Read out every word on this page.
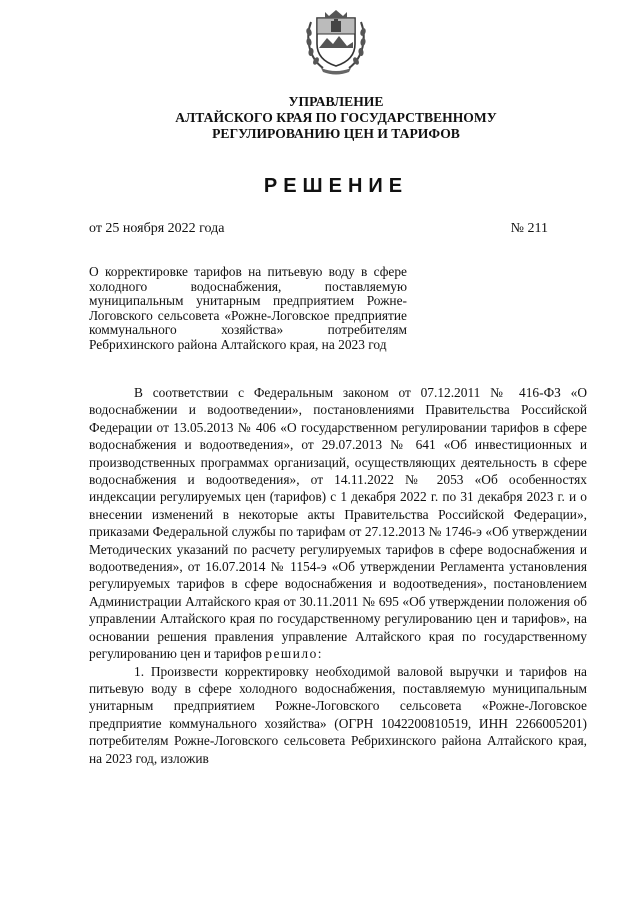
УПРАВЛЕНИЕ
АЛТАЙСКОГО КРАЯ ПО ГОСУДАРСТВЕННОМУ
РЕГУЛИРОВАНИЮ ЦЕН И ТАРИФОВ
РЕШЕНИЕ
от 25 ноября 2022 года	№ 211
О корректировке тарифов на питьевую воду в сфере холодного водоснабжения, поставляемую муниципальным унитарным предприятием Рожне-Логовского сельсовета «Рожне-Логовское предприятие коммунального хозяйства» потребителям Ребрихинского района Алтайского края, на 2023 год

В соответствии с Федеральным законом от 07.12.2011 № 416-ФЗ «О водоснабжении и водоотведении», постановлениями Правительства Российской Федерации от 13.05.2013 № 406 «О государственном регулировании тарифов в сфере водоснабжения и водоотведения», от 29.07.2013 № 641 «Об инвестиционных и производственных программах организаций, осуществляющих деятельность в сфере водоснабжения и водоотведения», от 14.11.2022 № 2053 «Об особенностях индексации регулируемых цен (тарифов) с 1 декабря 2022 г. по 31 декабря 2023 г. и о внесении изменений в некоторые акты Правительства Российской Федерации», приказами Федеральной службы по тарифам от 27.12.2013 № 1746-э «Об утверждении Методических указаний по расчету регулируемых тарифов в сфере водоснабжения и водоотведения», от 16.07.2014 № 1154-э «Об утверждении Регламента установления регулируемых тарифов в сфере водоснабжения и водоотведения», постановлением Администрации Алтайского края от 30.11.2011 № 695 «Об утверждении положения об управлении Алтайского края по государственному регулированию цен и тарифов», на основании решения правления управление Алтайского края по государственному регулированию цен и тарифов решило:

1. Произвести корректировку необходимой валовой выручки и тарифов на питьевую воду в сфере холодного водоснабжения, поставляемую муниципальным унитарным предприятием Рожне-Логовского сельсовета «Рожне-Логовское предприятие коммунального хозяйства» (ОГРН 1042200810519, ИНН 2266005201) потребителям Рожне-Логовского сельсовета Ребрихинского района Алтайского края, на 2023 год, изложив
